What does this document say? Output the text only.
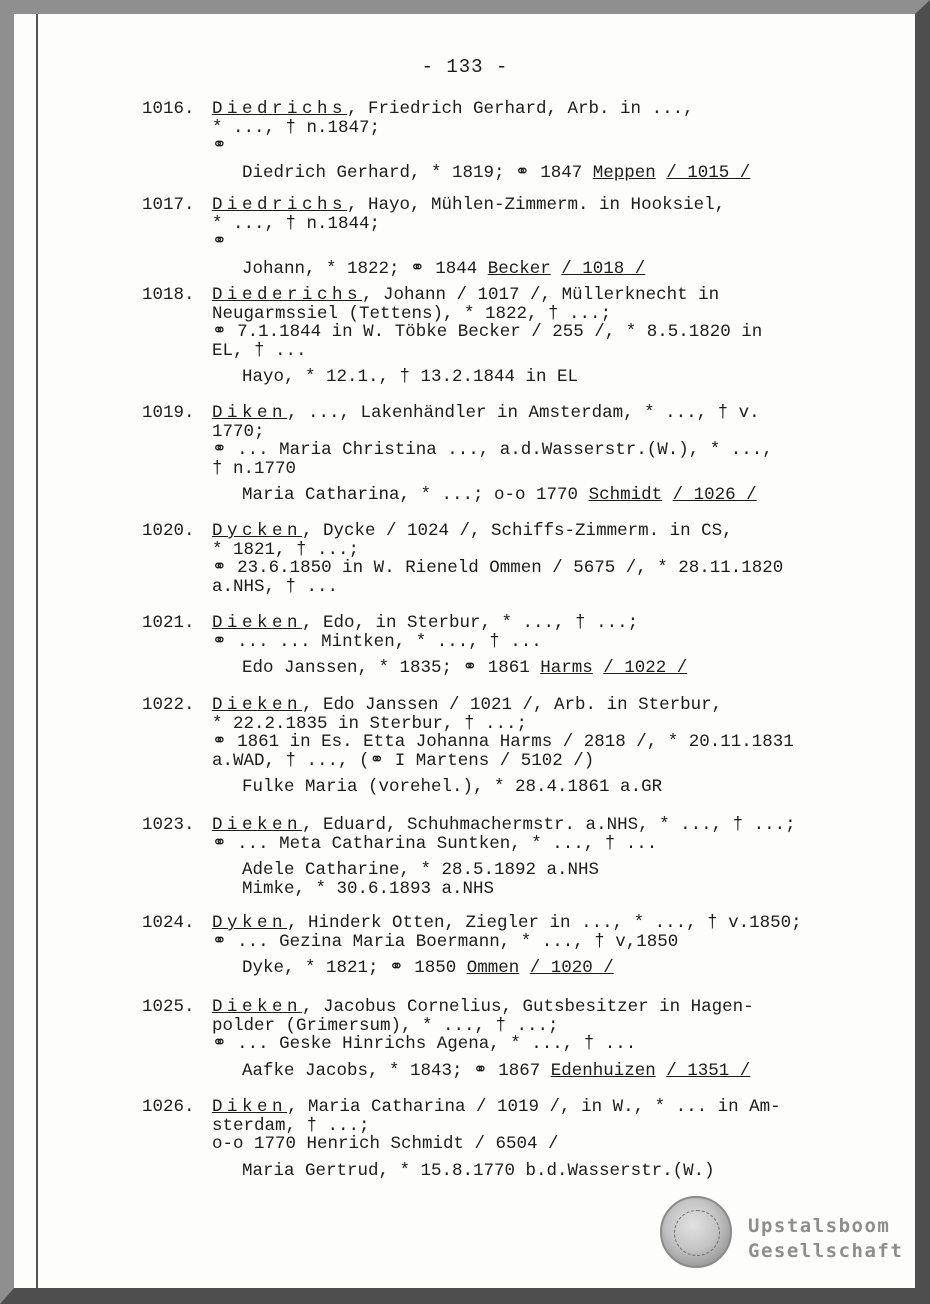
- 133 -
1016. Diedrichs, Friedrich Gerhard, Arb. in ...,
* ..., † n.1847;
⚭
Diedrich Gerhard, * 1819; ⚭ 1847 Meppen / 1015 /
1017. Diedrichs, Hayo, Mühlen-Zimmerm. in Hooksiel,
* ..., † n.1844;
⚭
Johann, * 1822; ⚭ 1844 Becker / 1018 /
1018. Diederichs, Johann / 1017 /, Müllerknecht in
Neugarmssiel (Tettens), * 1822, † ...;
⚭ 7.1.1844 in W. Töbke Becker / 255 /, * 8.5.1820 in
EL, † ...
Hayo, * 12.1., † 13.2.1844 in EL
1019. Diken, ..., Lakenhändler in Amsterdam, * ..., † v.
1770;
⚭ ... Maria Christina ..., a.d.Wasserstr.(W.), * ...,
† n.1770
Maria Catharina, * ...; o-o 1770 Schmidt / 1026 /
1020. Dycken, Dycke / 1024 /, Schiffs-Zimmerm. in CS,
* 1821, † ...;
⚭ 23.6.1850 in W. Rieneld Ommen / 5675 /, * 28.11.1820
a.NHS, † ...
1021. Dieken, Edo, in Sterbur, * ..., † ...;
⚭ ... ... Mintken, * ..., † ...
Edo Janssen, * 1835; ⚭ 1861 Harms / 1022 /
1022. Dieken, Edo Janssen / 1021 /, Arb. in Sterbur,
* 22.2.1835 in Sterbur, † ...;
⚭ 1861 in Es. Etta Johanna Harms / 2818 /, * 20.11.1831
a.WAD, † ..., (⚭ I Martens / 5102 /)
Fulke Maria (vorehel.), * 28.4.1861 a.GR
1023. Dieken, Eduard, Schuhmachermstr. a.NHS, * ..., † ...;
⚭ ... Meta Catharina Suntken, * ..., † ...
Adele Catharine, * 28.5.1892 a.NHS
Mimke, * 30.6.1893 a.NHS
1024. Dyken, Hinderk Otten, Ziegler in ..., * ..., † v.1850;
⚭ ... Gezina Maria Boermann, * ..., † v,1850
Dyke, * 1821; ⚭ 1850 Ommen / 1020 /
1025. Dieken, Jacobus Cornelius, Gutsbesitzer in Hagen-
polder (Grimersum), * ..., † ...;
⚭ ... Geske Hinrichs Agena, * ..., † ...
Aafke Jacobs, * 1843; ⚭ 1867 Edenhuizen / 1351 /
1026. Diken, Maria Catharina / 1019 /, in W., * ... in Am-
sterdam, † ...;
o-o 1770 Henrich Schmidt / 6504 /
Maria Gertrud, * 15.8.1770 b.d.Wasserstr.(W.)
Upstalsboom
Gesellschaft
